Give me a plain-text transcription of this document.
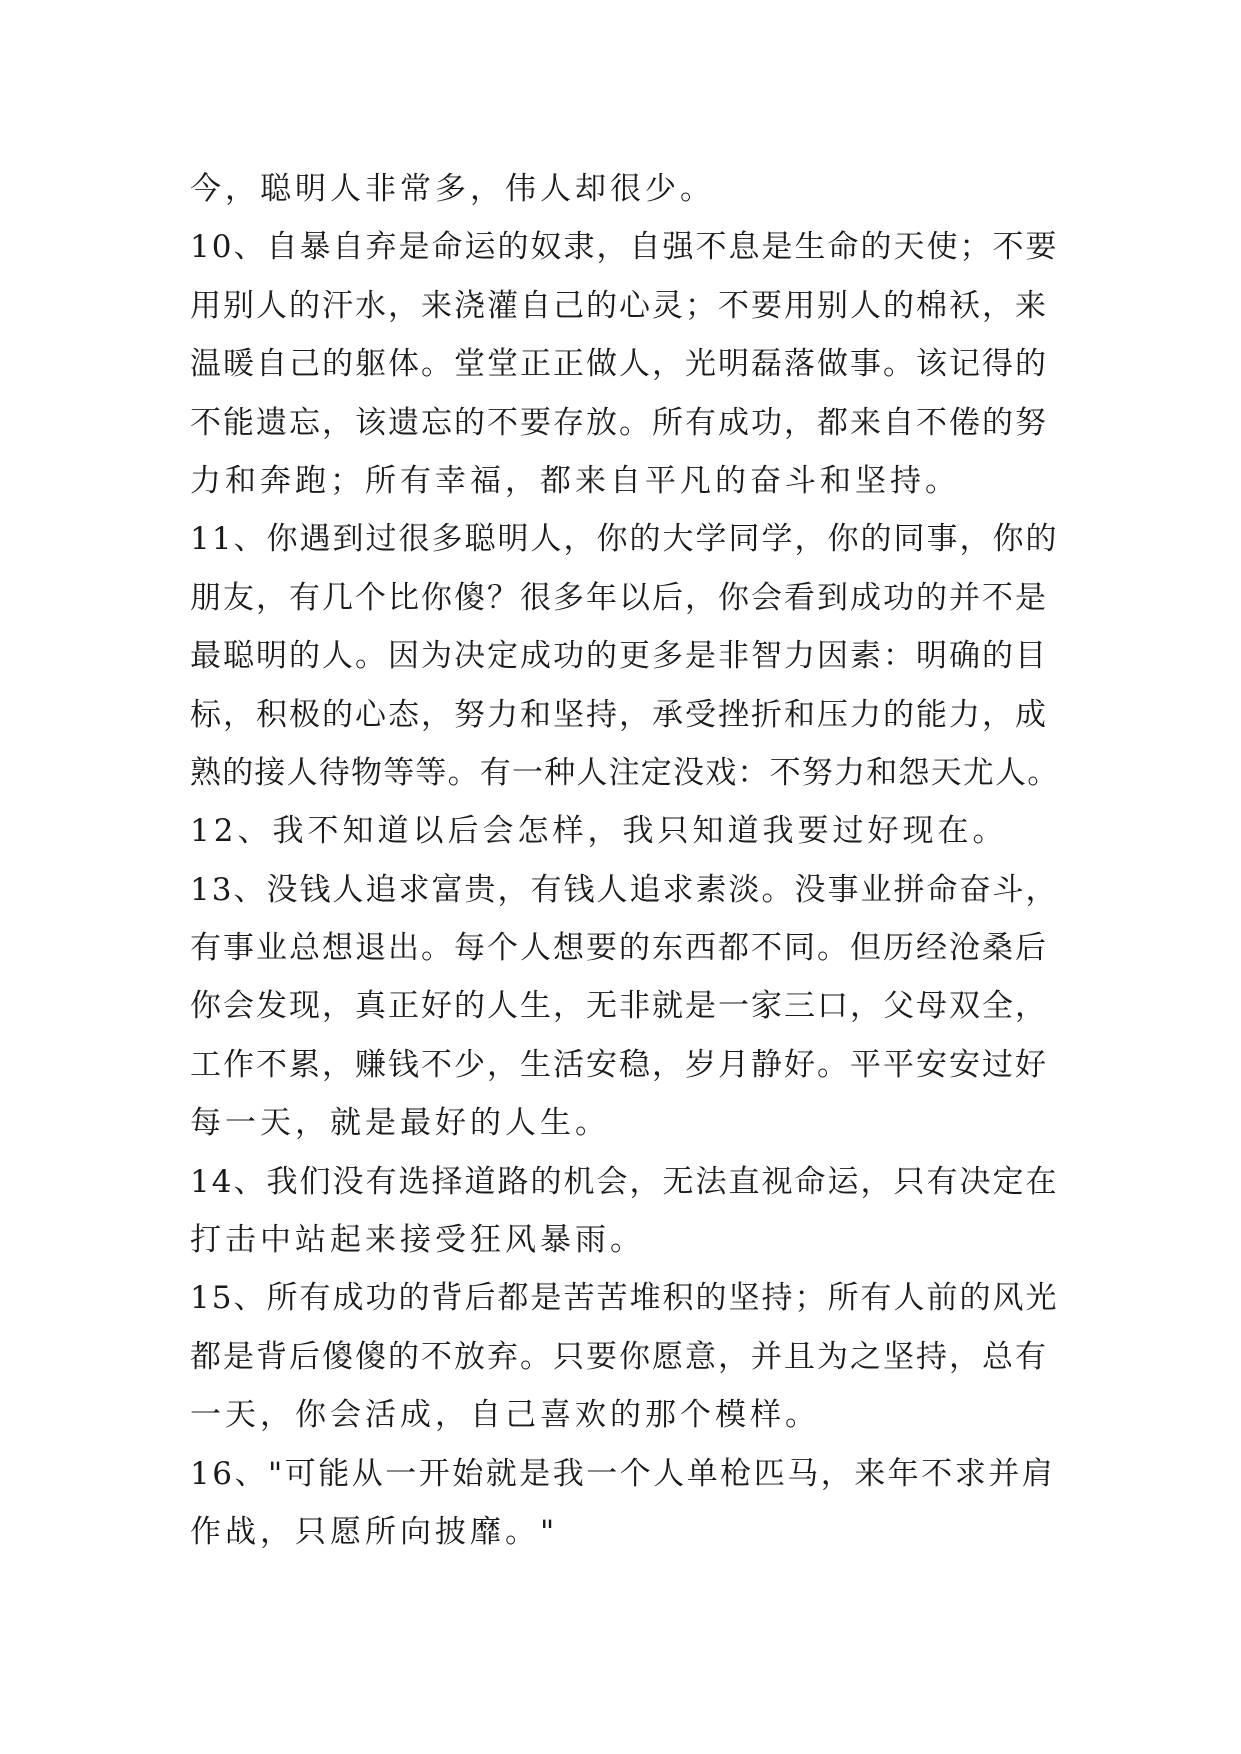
今，聪明人非常多，伟人却很少。

10、自暴自弃是命运的奴隶，自强不息是生命的天使；不要

用别人的汗水，来浇灌自己的心灵；不要用别人的棉袄，来

温暖自己的躯体。堂堂正正做人，光明磊落做事。该记得的

不能遗忘，该遗忘的不要存放。所有成功，都来自不倦的努

力和奔跑；所有幸福，都来自平凡的奋斗和坚持。

11、你遇到过很多聪明人，你的大学同学，你的同事，你的

朋友，有几个比你傻？很多年以后，你会看到成功的并不是

最聪明的人。因为决定成功的更多是非智力因素：明确的目

标，积极的心态，努力和坚持，承受挫折和压力的能力，成

熟的接人待物等等。有一种人注定没戏：不努力和怨天尤人。

12、我不知道以后会怎样，我只知道我要过好现在。

13、没钱人追求富贵，有钱人追求素淡。没事业拼命奋斗，

有事业总想退出。每个人想要的东西都不同。但历经沧桑后

你会发现，真正好的人生，无非就是一家三口，父母双全，

工作不累，赚钱不少，生活安稳，岁月静好。平平安安过好

每一天，就是最好的人生。

14、我们没有选择道路的机会，无法直视命运，只有决定在

打击中站起来接受狂风暴雨。

15、所有成功的背后都是苦苦堆积的坚持；所有人前的风光

都是背后傻傻的不放弃。只要你愿意，并且为之坚持，总有

一天，你会活成，自己喜欢的那个模样。

16、"可能从一开始就是我一个人单枪匹马，来年不求并肩

作战，只愿所向披靡。"
